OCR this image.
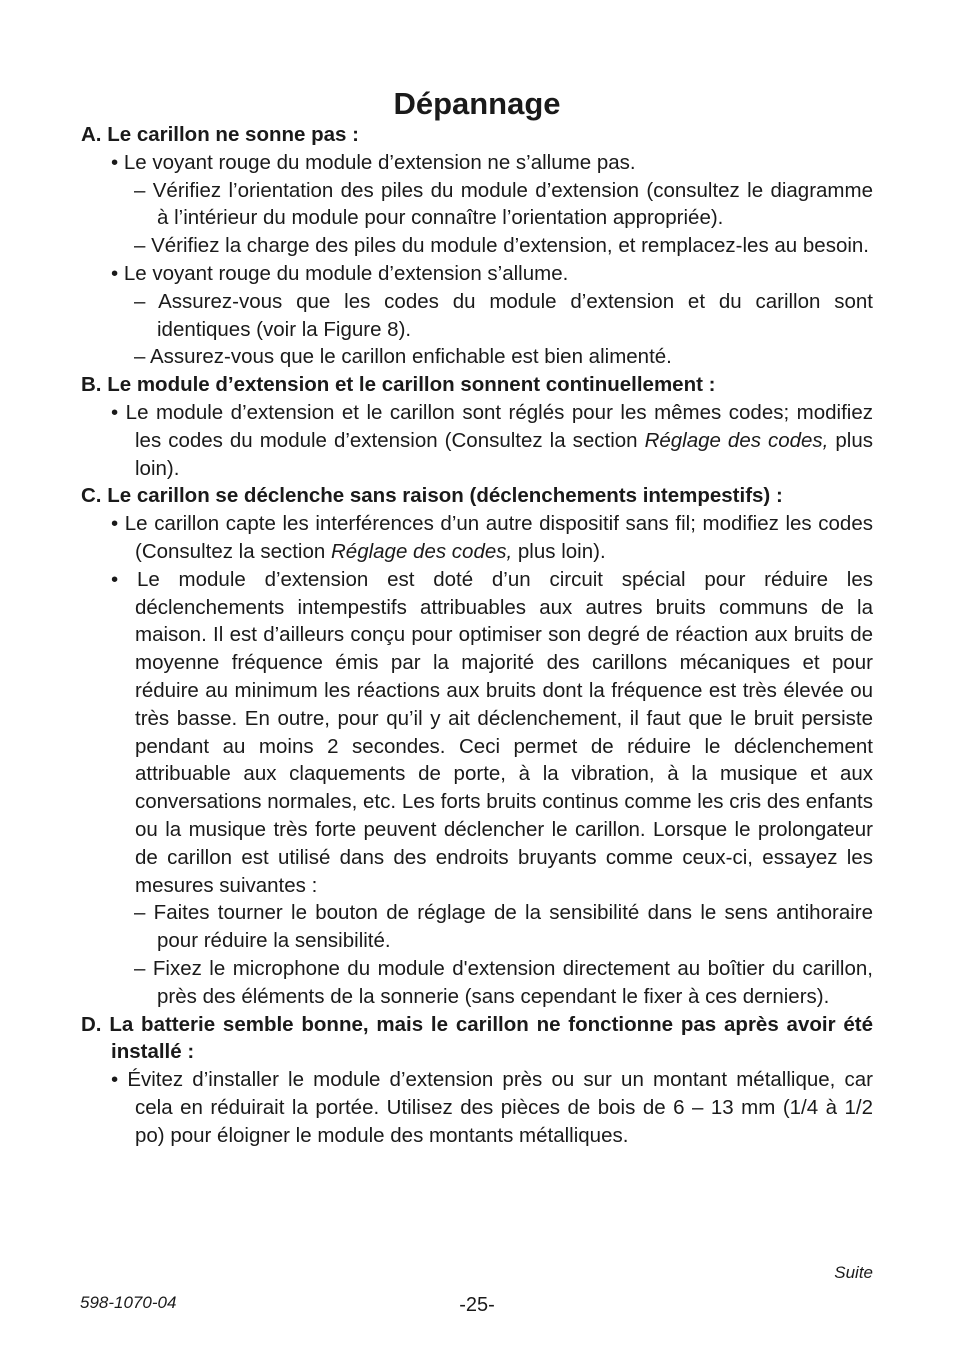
Dépannage
A. Le carillon ne sonne pas :
• Le voyant rouge du module d’extension ne s’allume pas.
– Vérifiez l’orientation des piles du module d’extension (consultez le diagramme à l’intérieur du module pour connaître l’orientation appropriée).
– Vérifiez la charge des piles du module d’extension, et remplacez-les au besoin.
• Le voyant rouge du module d’extension s’allume.
– Assurez-vous que les codes du module d’extension et du carillon sont identiques (voir la Figure 8).
– Assurez-vous que le carillon enfichable est bien alimenté.
B. Le module d’extension et le carillon sonnent continuellement :
• Le module d’extension et le carillon sont réglés pour les mêmes codes; modifiez les codes du module d’extension (Consultez la section Réglage des codes, plus loin).
C. Le carillon se déclenche sans raison (déclenchements intempestifs) :
• Le carillon capte les interférences d’un autre dispositif sans fil; modifiez les codes (Consultez la section Réglage des codes, plus loin).
• Le module d’extension est doté d’un circuit spécial pour réduire les déclenchements intempestifs attribuables aux autres bruits communs de la maison. Il est d’ailleurs conçu pour optimiser son degré de réaction aux bruits de moyenne fréquence émis par la majorité des carillons mécaniques et pour réduire au minimum les réactions aux bruits dont la fréquence est très élevée ou très basse. En outre, pour qu’il y ait déclenchement, il faut que le bruit persiste pendant au moins 2 secondes. Ceci permet de réduire le déclenchement attribuable aux claquements de porte, à la vibration, à la musique et aux conversations normales, etc. Les forts bruits continus comme les cris des enfants ou la musique très forte peuvent déclencher le carillon. Lorsque le prolongateur de carillon est utilisé dans des endroits bruyants comme ceux-ci, essayez les mesures suivantes :
– Faites tourner le bouton de réglage de la sensibilité dans le sens antihoraire pour réduire la sensibilité.
– Fixez le microphone du module d'extension directement au boîtier du carillon, près des éléments de la sonnerie (sans cependant le fixer à ces derniers).
D. La batterie semble bonne, mais le carillon ne fonctionne pas après avoir été installé :
• Évitez d’installer le module d’extension près ou sur un montant métallique, car cela en réduirait la portée. Utilisez des pièces de bois de 6 – 13 mm (1/4 à 1/2 po) pour éloigner le module des montants métalliques.
Suite
598-1070-04	-25-
